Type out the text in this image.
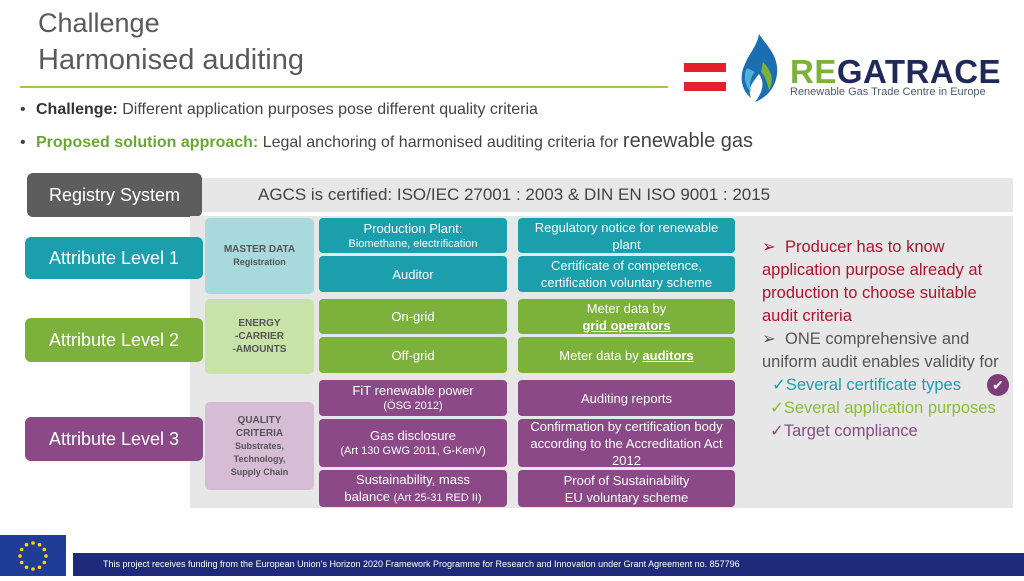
Challenge
Harmonised auditing	REGATRACE
Renewable Gas Trade Centre in Europe
• Challenge: Different application purposes pose different quality criteria
• Proposed solution approach: Legal anchoring of harmonised auditing criteria for renewable gas
AGCS is certified: ISO/IEC 27001 : 2003 & DIN EN ISO 9001 : 2015
Registry System
Attribute Level 1
Attribute Level 2
Attribute Level 3
MASTER DATA
Registration
ENERGY
-CARRIER
-AMOUNTS
QUALITY
CRITERIA
Substrates,
Technology,
Supply Chain
Production Plant:
Biomethane, electrification
Regulatory notice for renewable plant
Auditor
Certificate of competence, certification voluntary scheme
On-grid
Meter data by
grid operators
Off-grid	Meter data by
auditors
FiT renewable power
(ÖSG 2012)
Auditing reports
Gas disclosure
(Art 130 GWG 2011, G-KenV)
Confirmation by certification body according to the Accreditation Act 2012
Sustainability, mass
balance (Art 25-31 RED II)
Proof of Sustainability
EU voluntary scheme
➢ Producer has to know application purpose already at production to choose suitable audit criteria
➢ ONE comprehensive and uniform audit enables validity for
✓Several certificate types
✓Several application purposes
✓Target compliance
✔
This project receives funding from the European Union’s Horizon 2020 Framework Programme for Research and Innovation under Grant Agreement no. 857796
